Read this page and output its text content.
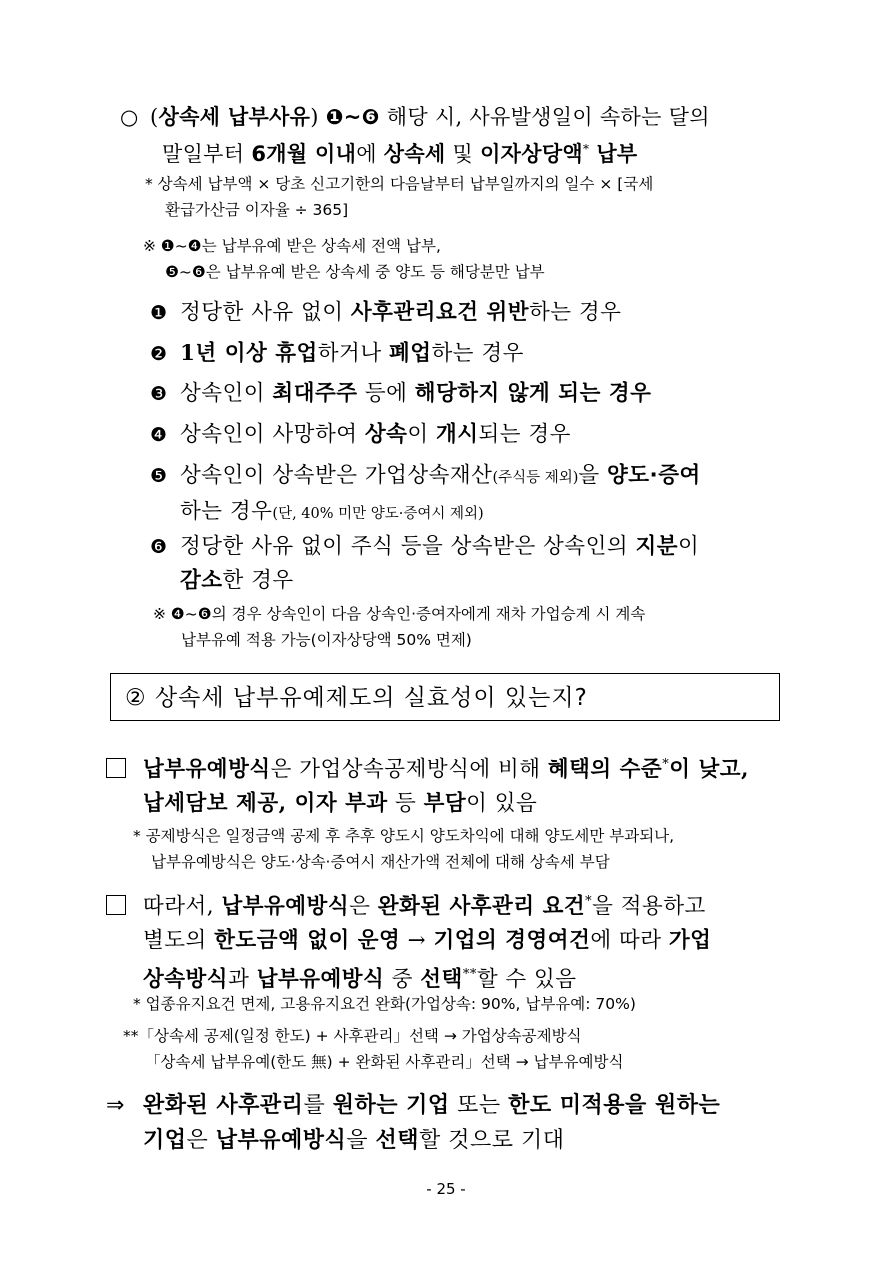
○ (상속세 납부사유) ❶~❻ 해당 시, 사유발생일이 속하는 달의
말일부터 6개월 이내에 상속세 및 이자상당액* 납부
* 상속세 납부액 × 당초 신고기한의 다음날부터 납부일까지의 일수 × [국세
환급가산금 이자율 ÷ 365]
※ ❶~❹는 납부유예 받은 상속세 전액 납부,
❺~❻은 납부유예 받은 상속세 중 양도 등 해당분만 납부
❶ 정당한 사유 없이 사후관리요건 위반하는 경우
❷ 1년 이상 휴업하거나 폐업하는 경우
❸ 상속인이 최대주주 등에 해당하지 않게 되는 경우
❹ 상속인이 사망하여 상속이 개시되는 경우
❺ 상속인이 상속받은 가업상속재산(주식등 제외)을 양도·증여
하는 경우(단, 40% 미만 양도·증여시 제외)
❻ 정당한 사유 없이 주식 등을 상속받은 상속인의 지분이
감소한 경우
※ ❹~❻의 경우 상속인이 다음 상속인·증여자에게 재차 가업승계 시 계속
납부유예 적용 가능(이자상당액 50% 면제)
② 상속세 납부유예제도의 실효성이 있는지?
납부유예방식은 가업상속공제방식에 비해 혜택의 수준*이 낮고,
납세담보 제공, 이자 부과 등 부담이 있음
* 공제방식은 일정금액 공제 후 추후 양도시 양도차익에 대해 양도세만 부과되나,
납부유예방식은 양도·상속·증여시 재산가액 전체에 대해 상속세 부담
따라서, 납부유예방식은 완화된 사후관리 요건*을 적용하고
별도의 한도금액 없이 운영 → 기업의 경영여건에 따라 가업
상속방식과 납부유예방식 중 선택**할 수 있음
* 업종유지요건 면제, 고용유지요건 완화(가업상속: 90%, 납부유예: 70%)
**「상속세 공제(일정 한도) + 사후관리」선택 → 가업상속공제방식
「상속세 납부유예(한도 無) + 완화된 사후관리」선택 → 납부유예방식
⇒ 완화된 사후관리를 원하는 기업 또는 한도 미적용을 원하는
기업은 납부유예방식을 선택할 것으로 기대
- 25 -
